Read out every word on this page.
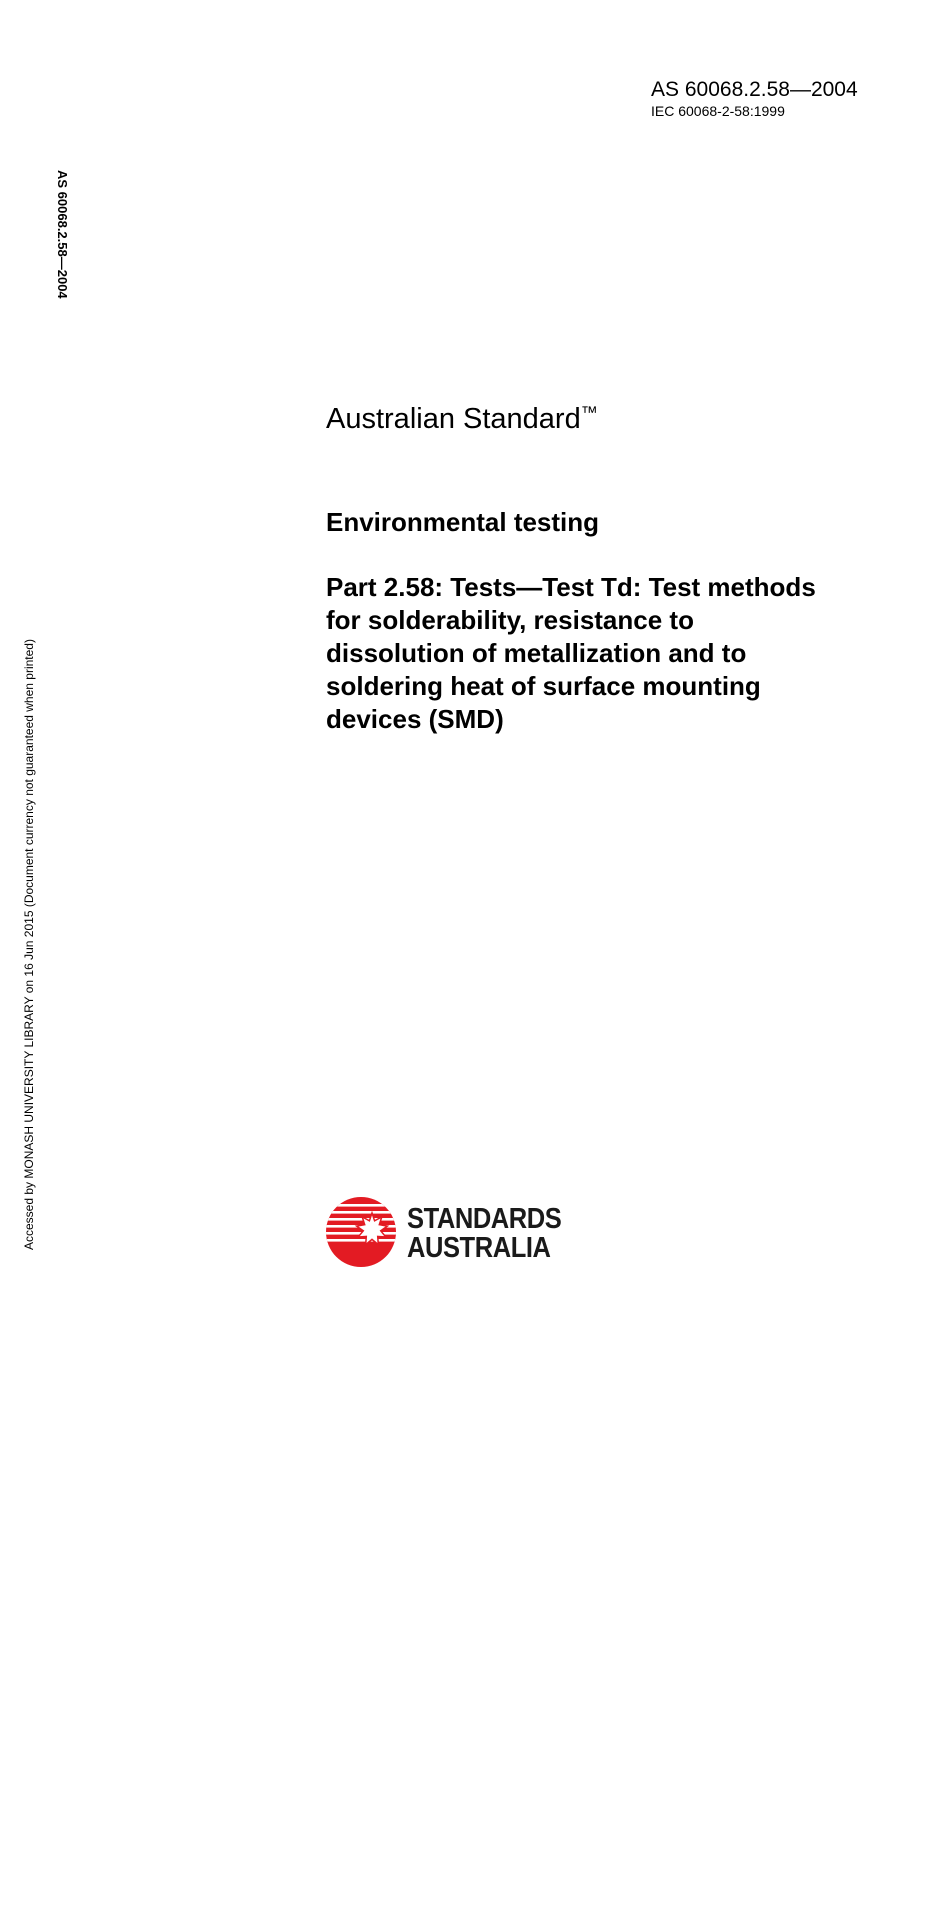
AS 60068.2.58—2004
IEC 60068-2-58:1999
AS 60068.2.58—2004
Accessed by MONASH UNIVERSITY LIBRARY on 16 Jun 2015 (Document currency not guaranteed when printed)
Australian Standard™
Environmental testing
Part 2.58: Tests—Test Td: Test methods
for solderability, resistance to
dissolution of metallization and to
soldering heat of surface mounting
devices (SMD)
STANDARDS
AUSTRALIA
